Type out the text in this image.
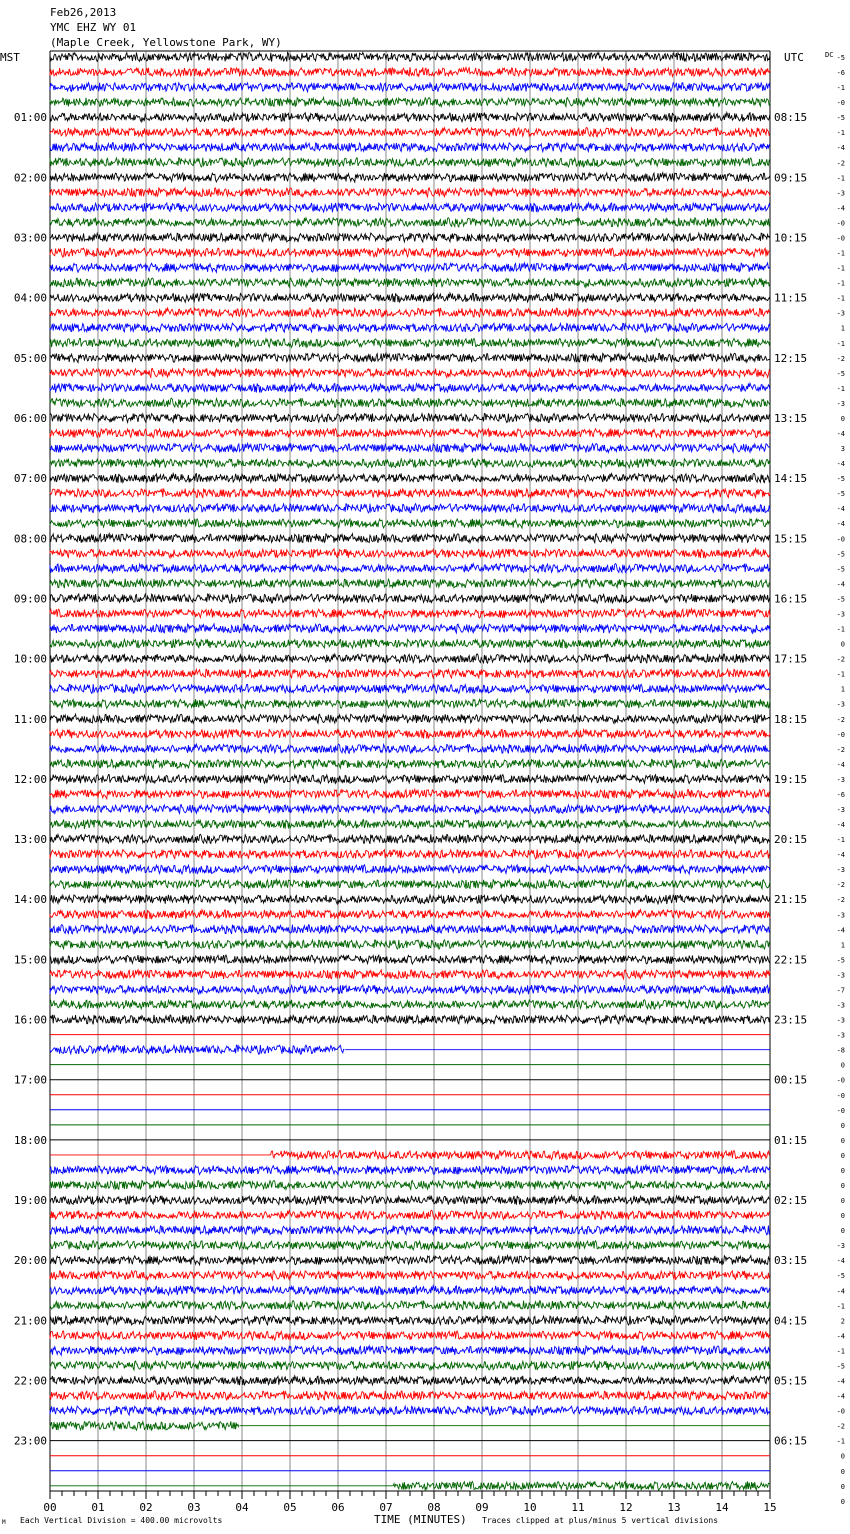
Feb26,2013
YMC EHZ WY 01
(Maple Creek, Yellowstone Park, WY)
MST	UTC	DC
01:00
02:00
03:00
04:00
05:00
06:00
07:00
08:00
09:00
10:00
11:00
12:00
13:00
14:00
15:00
16:00
17:00
18:00
19:00
20:00
21:00
22:00
23:00
08:15
09:15
10:15
11:15
12:15
13:15
14:15
15:15
16:15
17:15
18:15
19:15
20:15
21:15
22:15
23:15
00:15
01:15
02:15
03:15
04:15
05:15
06:15
-5
-6
-1
-0
-5
-1
-4
-2
-1
-3
-4
-0
-0
-1
-1
-1
-1
-3
1
-1
-2
-5
-1
-3
0
-4
3
-4
-5
-5
-4
-4
-0
-5
-5
-4
-5
-3
-1
0
-2
-1
1
-3
-2
-0
-2
-4
-3
-6
-3
-4
-1
-4
-3
-2
-2
-3
-4
1
-5
-3
-7
-3
-3
-3
-8
0
-0
-0
-0
0
0
0
0
0
0
0
0
-3
-4
-5
-4
-1
2
-4
-1
-5
-4
-4
-0
-2
-1
0
0
0
0
00	01	02	03	04	05	06	07	08	09	10	11	12	13	14	15
M Each Vertical Division = 400.00 microvolts	TIME (MINUTES) Traces clipped at plus/minus 5 vertical divisions
